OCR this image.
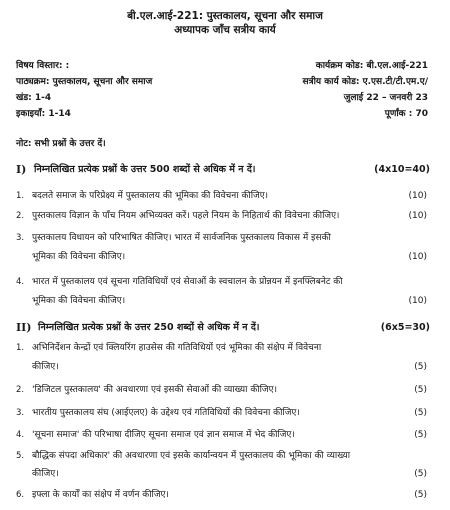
बी.एल.आई-221: पुस्तकालय, सूचना और समाज
अध्यापक जाँच सत्रीय कार्य
विषय विस्तार: :	कार्यक्रम कोड: बी.एल.आई-221
पाठ्यक्रम: पुस्तकालय, सूचना और समाज	सत्रीय कार्य कोड: ए.एस.टी/टी.एम.ए/
खंड: 1-4	जुलाई 22 – जनवरी 23
इकाइयाँ: 1-14	पूर्णांक : 70
नोट: सभी प्रश्नों के उत्तर दें।
I) निम्नलिखित प्रत्येक प्रश्नों के उत्तर 500 शब्दों से अधिक में न दें।	(4x10=40)
1. बदलते समाज के परिप्रेक्ष्य में पुस्तकालय की भूमिका की विवेचना कीजिए।	(10)
2. पुस्तकालय विज्ञान के पाँच नियम अभिव्यक्त करें। पहले नियम के निहितार्थ की विवेचना कीजिए।	(10)
3. पुस्तकालय विधायन को परिभाषित कीजिए। भारत में सार्वजनिक पुस्तकालय विकास में इसकी
भूमिका की विवेचना कीजिए।	(10)
4. भारत में पुस्तकालय एवं सूचना गतिविधियों एवं सेवाओं के स्वचालन के प्रोन्नयन में इनफ्लिबनेट की
भूमिका की विवेचना कीजिए।	(10)
II) निम्नलिखित प्रत्येक प्रश्नों के उत्तर 250 शब्दों से अधिक में न दें।	(6x5=30)
1. अभिनिर्देशन केन्द्रों एवं क्लियरिंग हाउसेस की गतिविधियों एवं भूमिका की संक्षेप में विवेचना
कीजिए।	(5)
2. 'डिजिटल पुस्तकालय' की अवधारणा एवं इसकी सेवाओं की व्याख्या कीजिए।	(5)
3. भारतीय पुस्तकालय संघ (आईएलए) के उद्देश्य एवं गतिविधियों की विवेचना कीजिए।	(5)
4. 'सूचना समाज' की परिभाषा दीजिए सूचना समाज एवं ज्ञान समाज में भेद कीजिए।	(5)
5. बौद्धिक संपदा अधिकार' की अवधारणा एवं इसके कार्यान्वयन में पुस्तकालय की भूमिका की व्याख्या
कीजिए।	(5)
6. इफ्ला के कार्यों का संक्षेप में वर्णन कीजिए।	(5)
